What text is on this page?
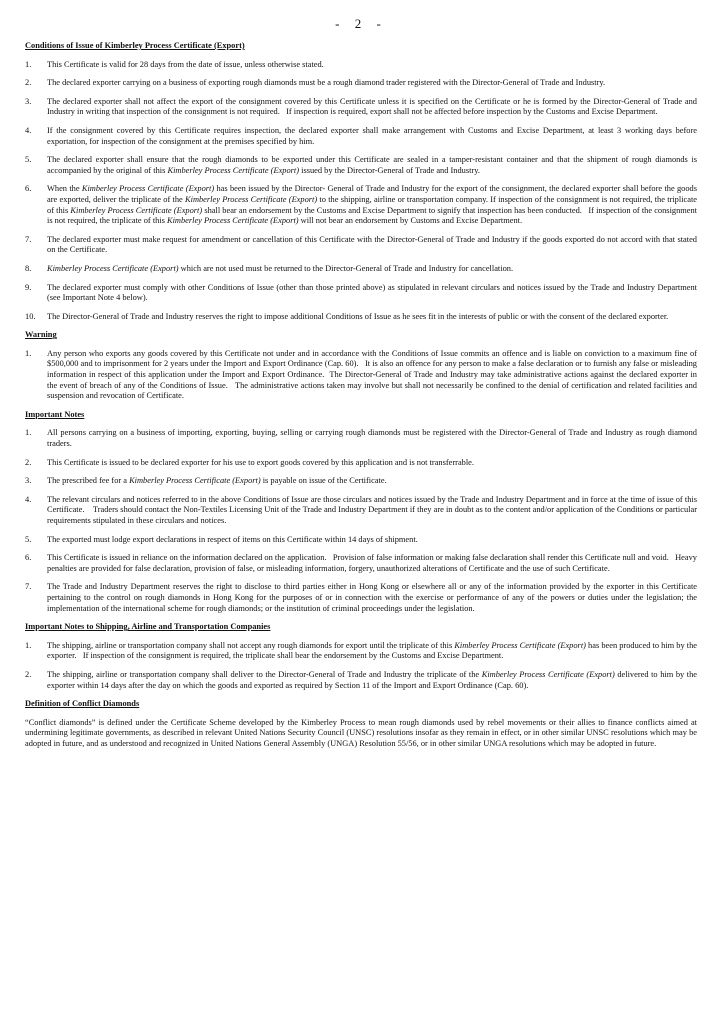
- 2 -
Conditions of Issue of Kimberley Process Certificate (Export)
1.	This Certificate is valid for 28 days from the date of issue, unless otherwise stated.
2.	The declared exporter carrying on a business of exporting rough diamonds must be a rough diamond trader registered with the Director-General of Trade and Industry.
3.	The declared exporter shall not affect the export of the consignment covered by this Certificate unless it is specified on the Certificate or he is formed by the Director-General of Trade and Industry in writing that inspection of the consignment is not required.   If inspection is required, export shall not be affected before inspection by the Customs and Excise Department.
4.	If the consignment covered by this Certificate requires inspection, the declared exporter shall make arrangement with Customs and Excise Department, at least 3 working days before exportation, for inspection of the consignment at the premises specified by him.
5.	The declared exporter shall ensure that the rough diamonds to be exported under this Certificate are sealed in a tamper-resistant container and that the shipment of rough diamonds is accompanied by the original of this Kimberley Process Certificate (Export) issued by the Director-General of Trade and Industry.
6.	When the Kimberley Process Certificate (Export) has been issued by the Director- General of Trade and Industry for the export of the consignment, the declared exporter shall before the goods are exported, deliver the triplicate of the Kimberley Process Certificate (Export) to the shipping, airline or transportation company. If inspection of the consignment is not required, the triplicate of this Kimberley Process Certificate (Export) shall bear an endorsement by the Customs and Excise Department to signify that inspection has been conducted.   If inspection of the consignment is not required, the triplicate of this Kimberley Process Certificate (Export) will not bear an endorsement by Customs and Excise Department.
7.	The declared exporter must make request for amendment or cancellation of this Certificate with the Director-General of Trade and Industry if the goods exported do not accord with that stated on the Certificate.
8.	Kimberley Process Certificate (Export) which are not used must be returned to the Director-General of Trade and Industry for cancellation.
9.	The declared exporter must comply with other Conditions of Issue (other than those printed above) as stipulated in relevant circulars and notices issued by the Trade and Industry Department (see Important Note 4 below).
10.	The Director-General of Trade and Industry reserves the right to impose additional Conditions of Issue as he sees fit in the interests of public or with the consent of the declared exporter.
Warning
1.	Any person who exports any goods covered by this Certificate not under and in accordance with the Conditions of Issue commits an offence and is liable on conviction to a maximum fine of $500,000 and to imprisonment for 2 years under the Import and Export Ordinance (Cap. 60).   It is also an offence for any person to make a false declaration or to furnish any false or misleading information in respect of this application under the Import and Export Ordinance.  The Director-General of Trade and Industry may take administrative actions against the declared exporter in the event of breach of any of the Conditions of Issue.   The administrative actions taken may involve but shall not necessarily be confined to the denial of certification and related facilities and suspension and revocation of Certificate.
Important Notes
1.	All persons carrying on a business of importing, exporting, buying, selling or carrying rough diamonds must be registered with the Director-General of Trade and Industry as rough diamond traders.
2.	This Certificate is issued to be declared exporter for his use to export goods covered by this application and is not transferrable.
3.	The prescribed fee for a Kimberley Process Certificate (Export) is payable on issue of the Certificate.
4.	The relevant circulars and notices referred to in the above Conditions of Issue are those circulars and notices issued by the Trade and Industry Department and in force at the time of issue of this Certificate.    Traders should contact the Non-Textiles Licensing Unit of the Trade and Industry Department if they are in doubt as to the content and/or application of the Conditions or particular requirements stipulated in these circulars and notices.
5.	The exported must lodge export declarations in respect of items on this Certificate within 14 days of shipment.
6.	This Certificate is issued in reliance on the information declared on the application.   Provision of false information or making false declaration shall render this Certificate null and void.   Heavy penalties are provided for false declaration, provision of false, or misleading information, forgery, unauthorized alterations of Certificate and the use of such Certificate.
7.	The Trade and Industry Department reserves the right to disclose to third parties either in Hong Kong or elsewhere all or any of the information provided by the exporter in this Certificate pertaining to the control on rough diamonds in Hong Kong for the purposes of or in connection with the exercise or performance of any of the powers or duties under the legislation; the implementation of the international scheme for rough diamonds; or the institution of criminal proceedings under the legislation.
Important Notes to Shipping, Airline and Transportation Companies
1.	The shipping, airline or transportation company shall not accept any rough diamonds for export until the triplicate of this Kimberley Process Certificate (Export) has been produced to him by the exporter.   If inspection of the consignment is required, the triplicate shall bear the endorsement by the Customs and Excise Department.
2.	The shipping, airline or transportation company shall deliver to the Director-General of Trade and Industry the triplicate of the Kimberley Process Certificate (Export) delivered to him by the exporter within 14 days after the day on which the goods and exported as required by Section 11 of the Import and Export Ordinance (Cap. 60).
Definition of Conflict Diamonds

“Conflict diamonds” is defined under the Certificate Scheme developed by the Kimberley Process to mean rough diamonds used by rebel movements or their allies to finance conflicts aimed at undermining legitimate governments, as described in relevant United Nations Security Council (UNSC) resolutions insofar as they remain in effect, or in other similar UNSC resolutions which may be adopted in future, and as understood and recognized in United Nations General Assembly (UNGA) Resolution 55/56, or in other similar UNGA resolutions which may be adopted in future.
